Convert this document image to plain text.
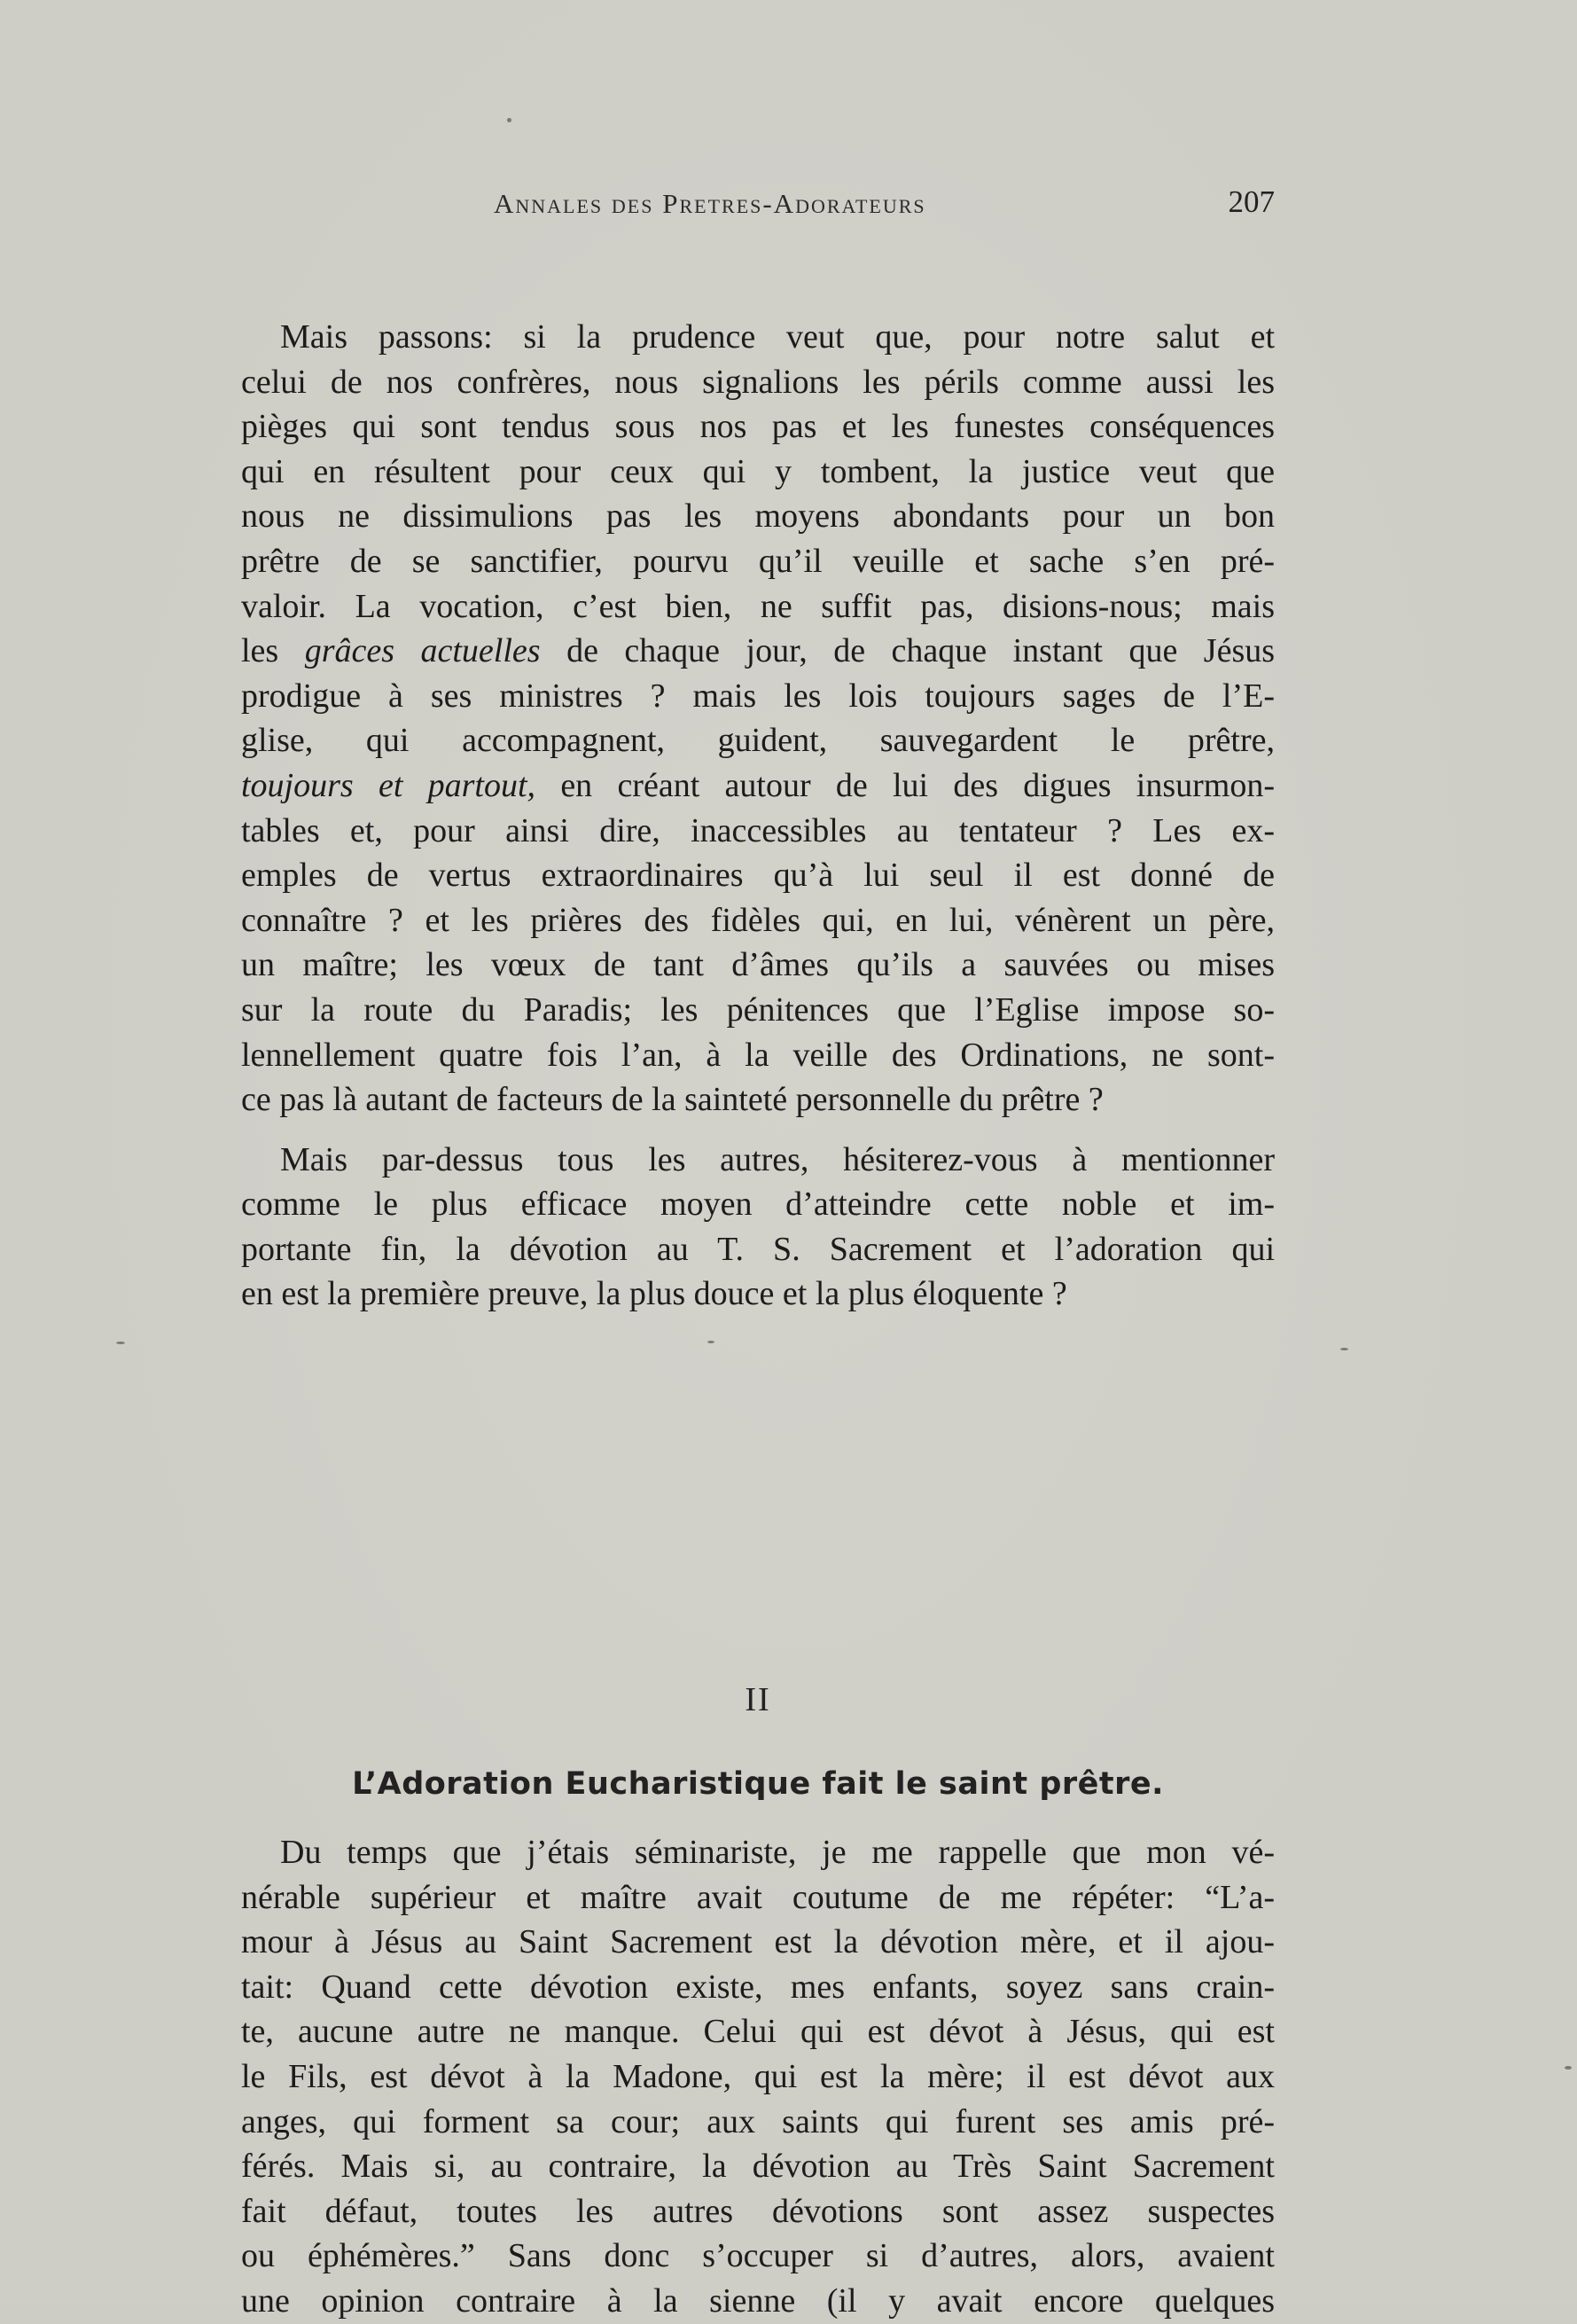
Annales des Pretres-Adorateurs	207
Mais passons: si la prudence veut que, pour notre salut et
celui de nos confrères, nous signalions les périls comme aussi les
pièges qui sont tendus sous nos pas et les funestes conséquences
qui en résultent pour ceux qui y tombent, la justice veut que
nous ne dissimulions pas les moyens abondants pour un bon
prêtre de se sanctifier, pourvu qu’il veuille et sache s’en pré-
valoir. La vocation, c’est bien, ne suffit pas, disions-nous; mais
les grâces actuelles de chaque jour, de chaque instant que Jésus
prodigue à ses ministres ? mais les lois toujours sages de l’E-
glise, qui accompagnent, guident, sauvegardent le prêtre,
toujours et partout, en créant autour de lui des digues insurmon-
tables et, pour ainsi dire, inaccessibles au tentateur ? Les ex-
emples de vertus extraordinaires qu’à lui seul il est donné de
connaître ? et les prières des fidèles qui, en lui, vénèrent un père,
un maître; les vœux de tant d’âmes qu’ils a sauvées ou mises
sur la route du Paradis; les pénitences que l’Eglise impose so-
lennellement quatre fois l’an, à la veille des Ordinations, ne sont-
ce pas là autant de facteurs de la sainteté personnelle du prêtre ?
Mais par-dessus tous les autres, hésiterez-vous à mentionner
comme le plus efficace moyen d’atteindre cette noble et im-
portante fin, la dévotion au T. S. Sacrement et l’adoration qui
en est la première preuve, la plus douce et la plus éloquente ?
II
L’Adoration Eucharistique fait le saint prêtre.
Du temps que j’étais séminariste, je me rappelle que mon vé-
nérable supérieur et maître avait coutume de me répéter: “L’a-
mour à Jésus au Saint Sacrement est la dévotion mère, et il ajou-
tait: Quand cette dévotion existe, mes enfants, soyez sans crain-
te, aucune autre ne manque. Celui qui est dévot à Jésus, qui est
le Fils, est dévot à la Madone, qui est la mère; il est dévot aux
anges, qui forment sa cour; aux saints qui furent ses amis pré-
férés. Mais si, au contraire, la dévotion au Très Saint Sacrement
fait défaut, toutes les autres dévotions sont assez suspectes
ou éphémères.” Sans donc s’occuper si d’autres, alors, avaient
une opinion contraire à la sienne (il y avait encore quelques
